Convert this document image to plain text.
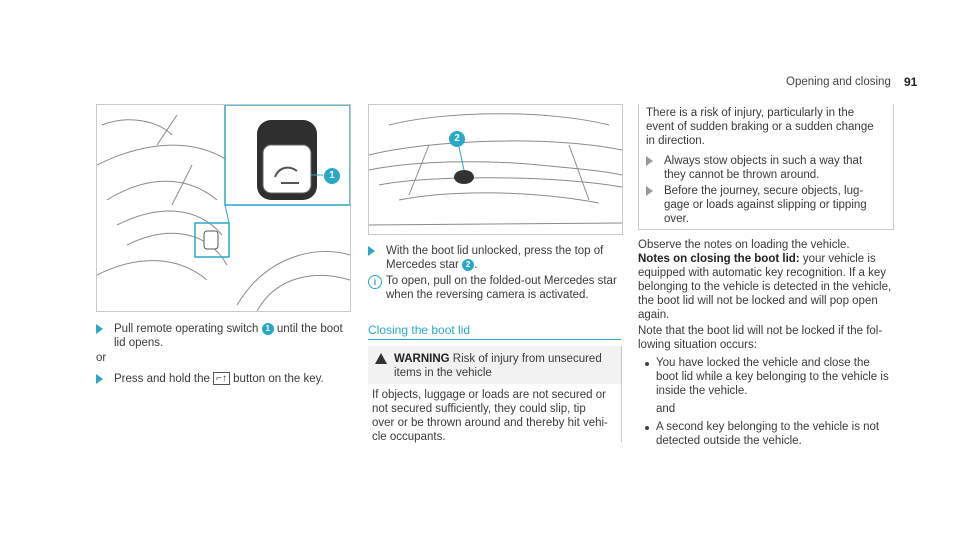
Opening and closing 91
1
Pull remote operating switch 1 until the boot
lid opens.
or
Press and hold the ⌐↑ button on the key.
2
With the boot lid unlocked, press the top of
Mercedes star 2 .
i To open, pull on the folded-out Mercedes star
when the reversing camera is activated.
Closing the boot lid
WARNING Risk of injury from unsecured
items in the vehicle
If objects, luggage or loads are not secured or
not secured sufficiently, they could slip, tip
over or be thrown around and thereby hit vehi-
cle occupants.
There is a risk of injury, particularly in the
event of sudden braking or a sudden change
in direction.
Always stow objects in such a way that
they cannot be thrown around.
Before the journey, secure objects, lug-
gage or loads against slipping or tipping
over.
Observe the notes on loading the vehicle.
Notes on closing the boot lid: your vehicle is
equipped with automatic key recognition. If a key
belonging to the vehicle is detected in the vehicle,
the boot lid will not be locked and will pop open
again.
Note that the boot lid will not be locked if the fol-
lowing situation occurs:
You have locked the vehicle and close the
boot lid while a key belonging to the vehicle is
inside the vehicle.
and
A second key belonging to the vehicle is not
detected outside the vehicle.
